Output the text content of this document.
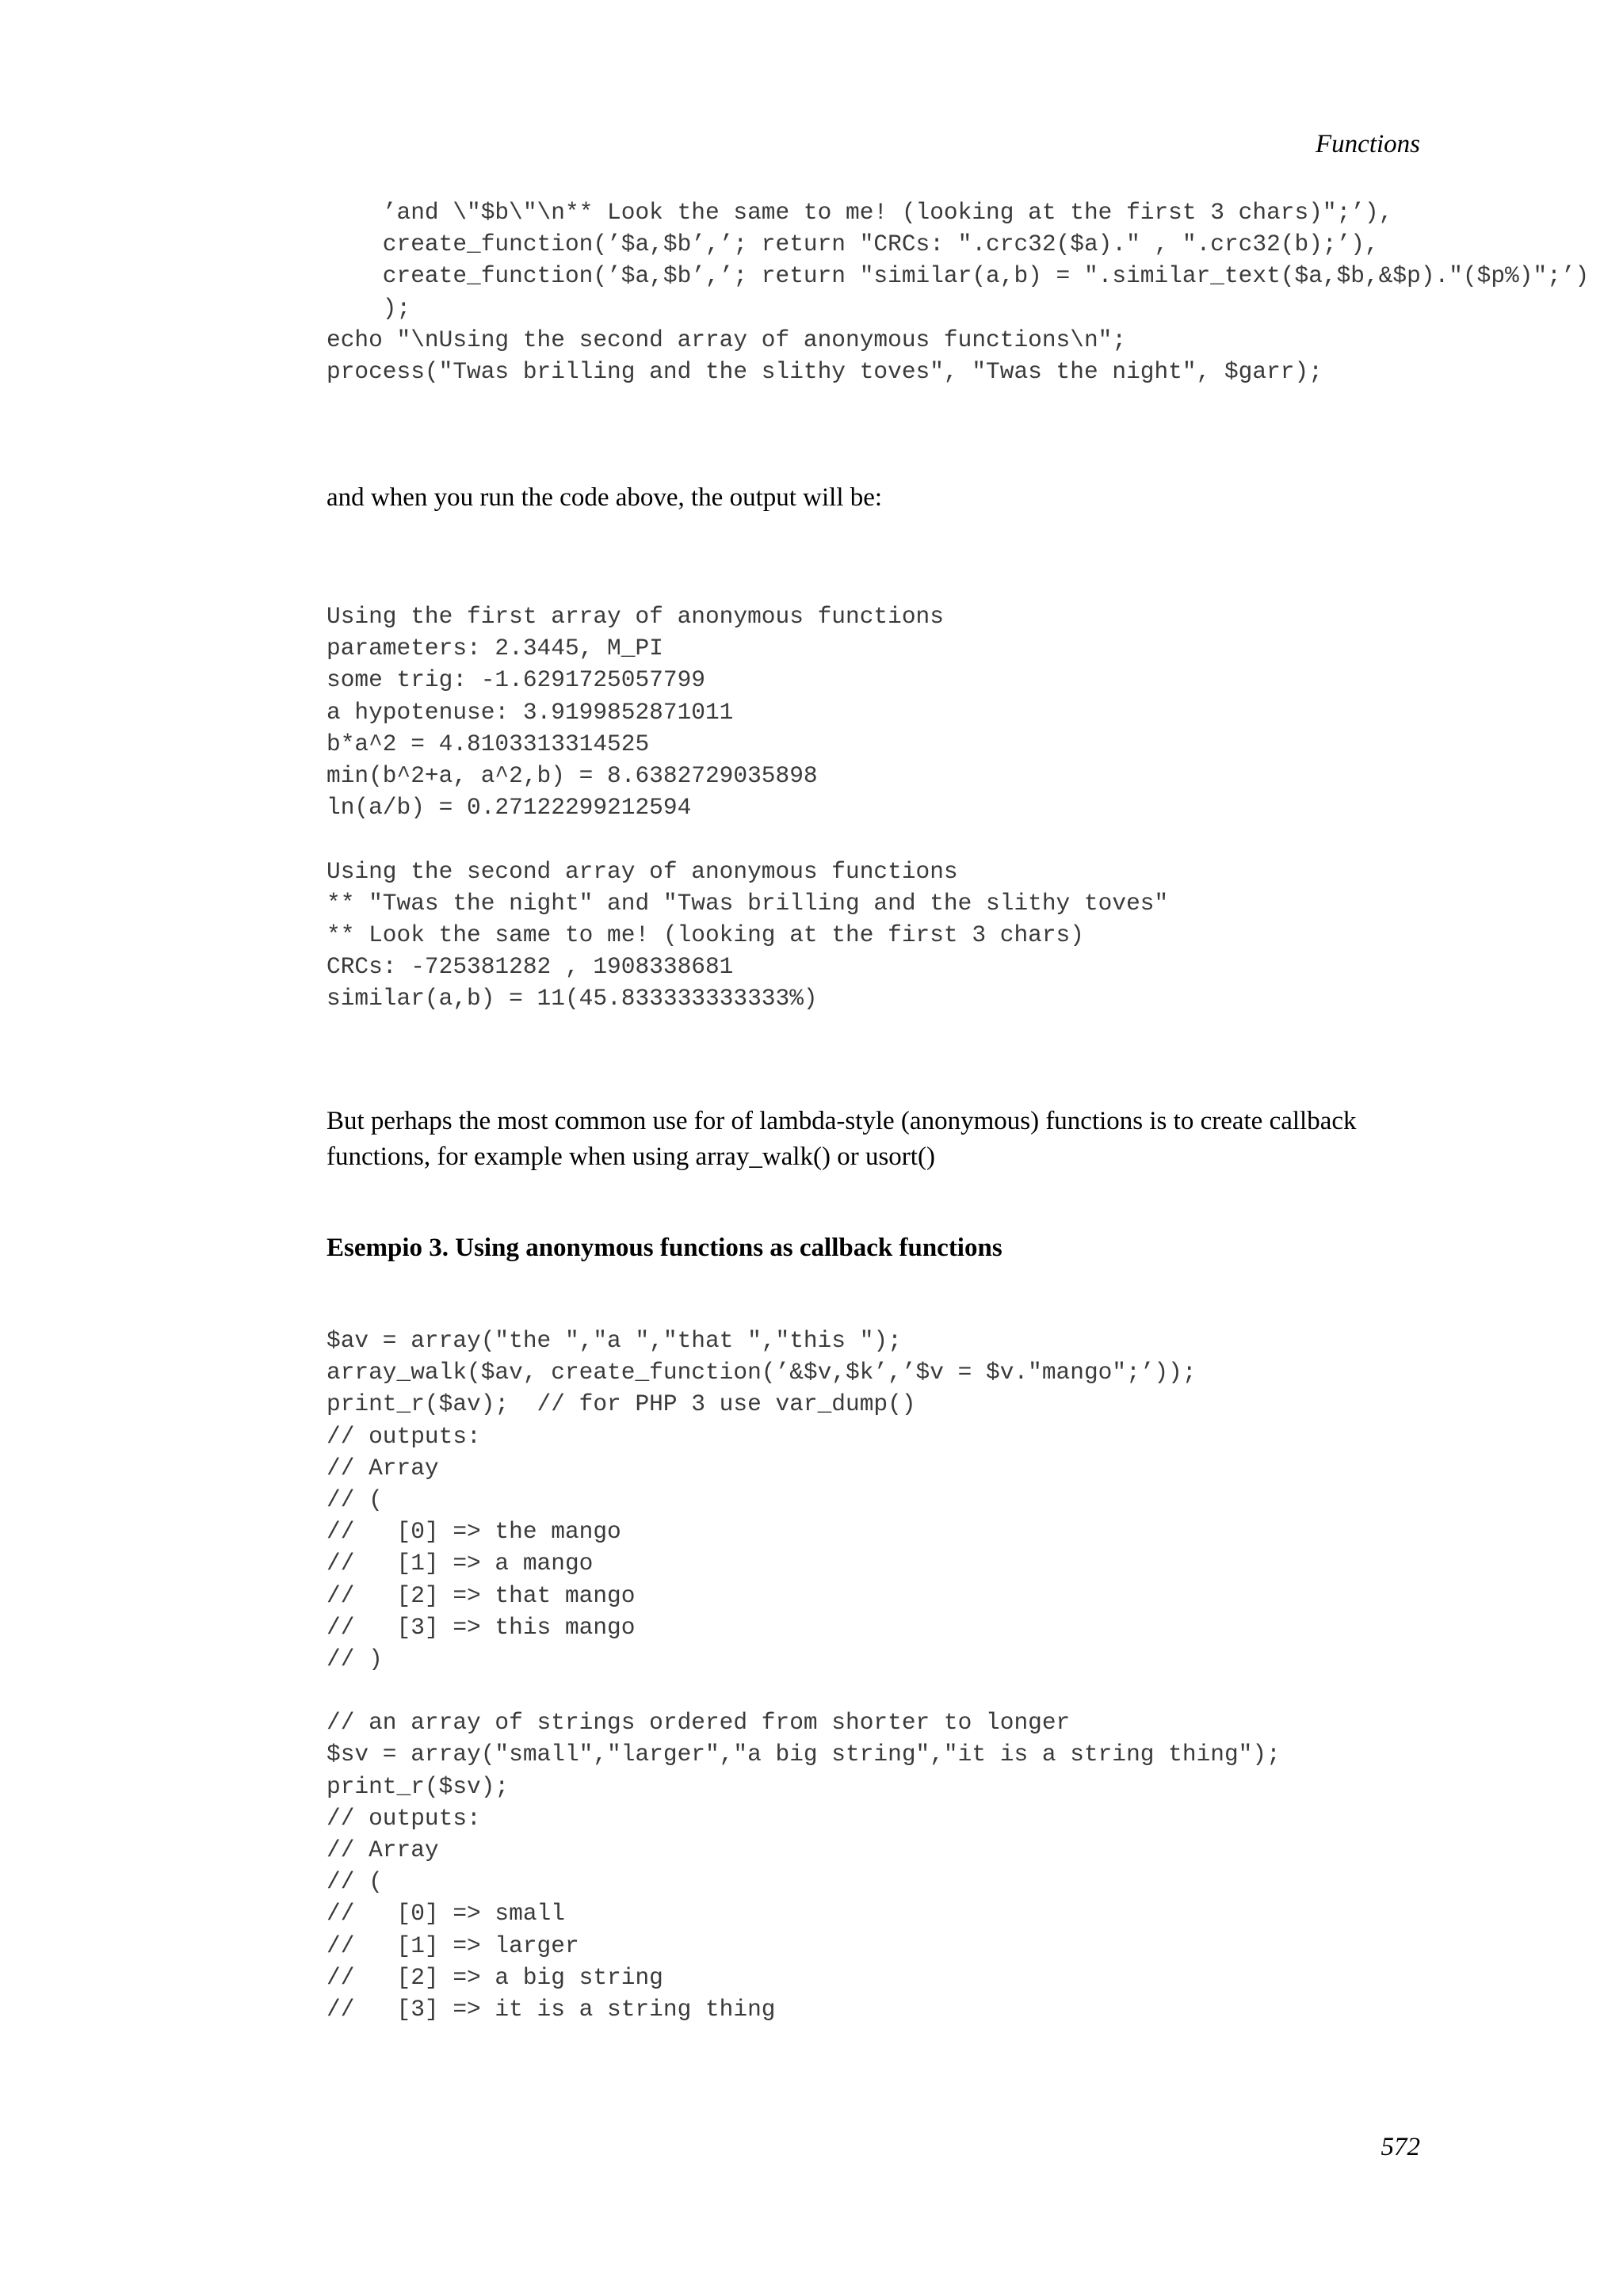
Functions
’and \"$b\"\n** Look the same to me! (looking at the first 3 chars)";’),
create_function(’$a,$b’,’; return "CRCs: ".crc32($a)." , ".crc32(b);’),
create_function(’$a,$b’,’; return "similar(a,b) = ".similar_text($a,$b,&$p)."($p%)";’)
);
echo "\nUsing the second array of anonymous functions\n";
process("Twas brilling and the slithy toves", "Twas the night", $garr);

and when you run the code above, the output will be:

Using the first array of anonymous functions
parameters: 2.3445, M_PI
some trig: -1.6291725057799
a hypotenuse: 3.9199852871011
b*a^2 = 4.8103313314525
min(b^2+a, a^2,b) = 8.6382729035898
ln(a/b) = 0.27122299212594
Using the second array of anonymous functions
** "Twas the night" and "Twas brilling and the slithy toves"
** Look the same to me! (looking at the first 3 chars)
CRCs: -725381282 , 1908338681
similar(a,b) = 11(45.833333333333%)

But perhaps the most common use for of lambda-style (anonymous) functions is to create callback functions, for example when using array_walk() or usort()

Esempio 3. Using anonymous functions as callback functions
$av = array("the ","a ","that ","this ");
array_walk($av, create_function(’&$v,$k’,’$v = $v."mango";’));
print_r($av);  // for PHP 3 use var_dump()
// outputs:
// Array
// (
//   [0] => the mango
//   [1] => a mango
//   [2] => that mango
//   [3] => this mango
// )
// an array of strings ordered from shorter to longer
$sv = array("small","larger","a big string","it is a string thing");
print_r($sv);
// outputs:
// Array
// (
//   [0] => small
//   [1] => larger
//   [2] => a big string
//   [3] => it is a string thing
572
